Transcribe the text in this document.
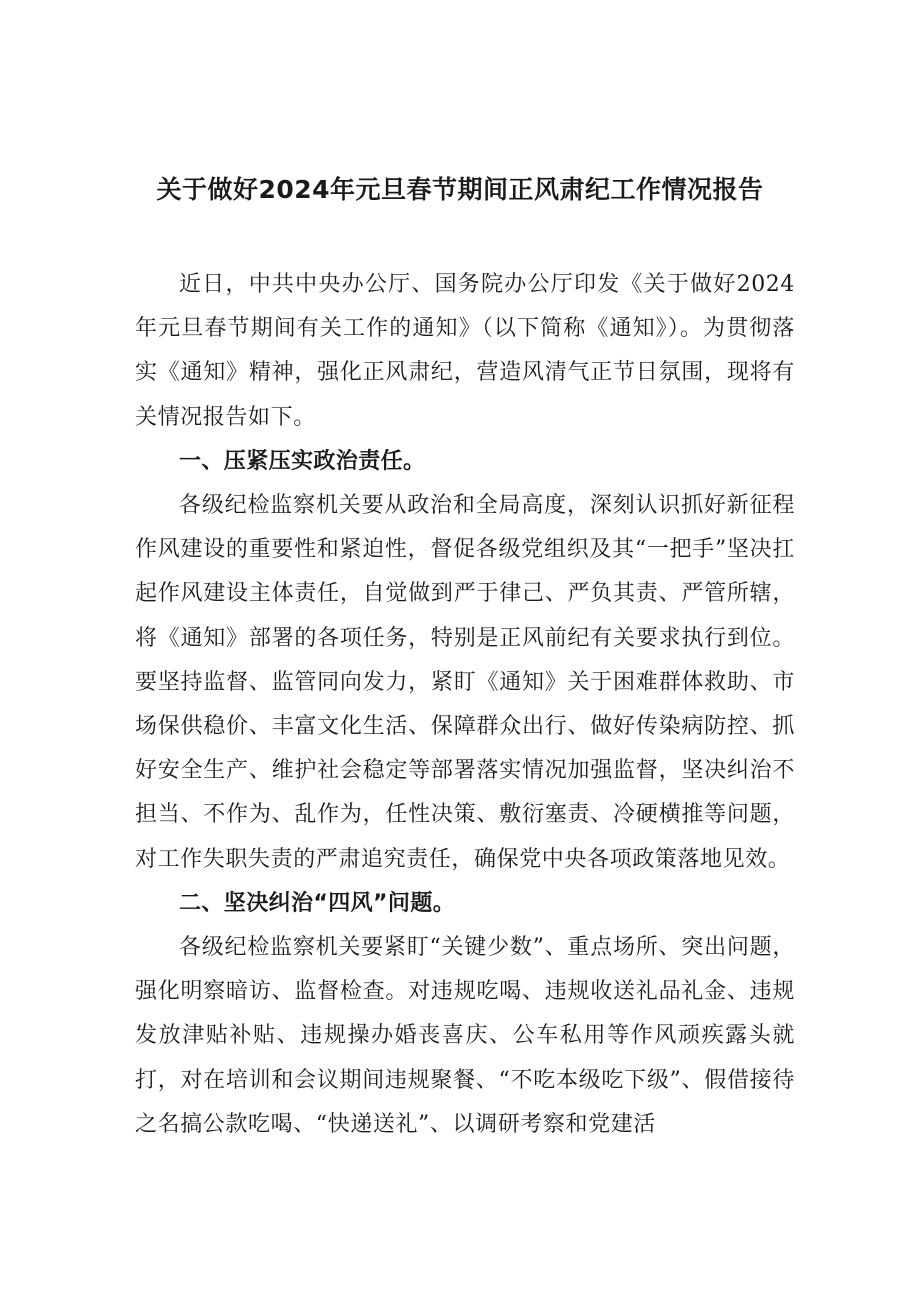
关于做好2024年元旦春节期间正风肃纪工作情况报告

近日，中共中央办公厅、国务院办公厅印发《关于做好2024年元旦春节期间有关工作的通知》（以下简称《通知》）。为贯彻落实《通知》精神，强化正风肃纪，营造风清气正节日氛围，现将有关情况报告如下。

一、压紧压实政治责任。

各级纪检监察机关要从政治和全局高度，深刻认识抓好新征程作风建设的重要性和紧迫性，督促各级党组织及其“一把手”坚决扛起作风建设主体责任，自觉做到严于律己、严负其责、严管所辖，将《通知》部署的各项任务，特别是正风前纪有关要求执行到位。要坚持监督、监管同向发力，紧盯《通知》关于困难群体救助、市场保供稳价、丰富文化生活、保障群众出行、做好传染病防控、抓好安全生产、维护社会稳定等部署落实情况加强监督，坚决纠治不担当、不作为、乱作为，任性决策、敷衍塞责、冷硬横推等问题，对工作失职失责的严肃追究责任，确保党中央各项政策落地见效。

二、坚决纠治“四风”问题。

各级纪检监察机关要紧盯“关键少数”、重点场所、突出问题，强化明察暗访、监督检查。对违规吃喝、违规收送礼品礼金、违规发放津贴补贴、违规操办婚丧喜庆、公车私用等作风顽疾露头就打，对在培训和会议期间违规聚餐、“不吃本级吃下级”、假借接待之名搞公款吃喝、“快递送礼”、以调研考察和党建活
